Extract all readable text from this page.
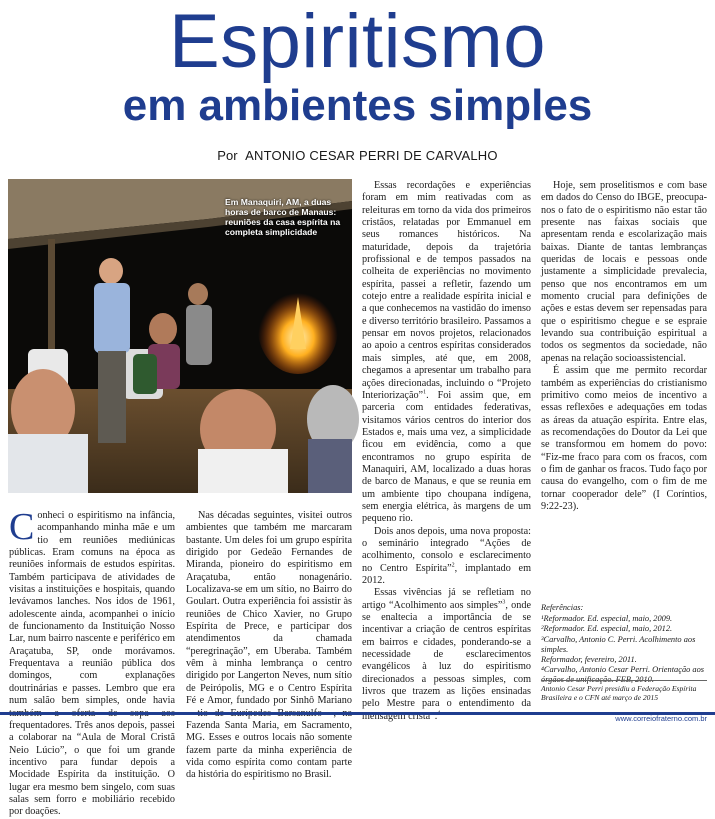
Espiritismo
em ambientes simples
Por ANTONIO CESAR PERRI DE CARVALHO
Em Manaquiri, AM, a duas horas de barco de Manaus: reuniões da casa espírita na completa simplicidade

Conheci o espiritismo na infância, acompanhando minha mãe e um tio em reuniões mediúnicas públicas. Eram comuns na época as reuniões informais de estudos espíritas. Também participava de atividades de visitas a instituições e hospitais, quando levávamos lanches. Nos idos de 1961, adolescente ainda, acompanhei o início de funcionamento da Instituição Nosso Lar, num bairro nascente e periférico em Araçatuba, SP, onde morávamos. Frequentava a reunião pública dos domingos, com explanações doutrinárias e passes. Lembro que era num salão bem simples, onde havia também a oferta de sopa aos frequentadores. Três anos depois, passei a colaborar na “Aula de Moral Cristã Neio Lúcio”, o que foi um grande incentivo para fundar depois a Mocidade Espírita da instituição. O lugar era mesmo bem singelo, com suas salas sem forro e mobiliário recebido por doações.

Nas décadas seguintes, visitei outros ambientes que também me marcaram bastante. Um deles foi um grupo espírita dirigido por Gedeão Fernandes de Miranda, pioneiro do espiritismo em Araçatuba, então nonagenário. Localizava-se em um sítio, no Bairro do Goulart. Outra experiência foi assistir às reuniões de Chico Xavier, no Grupo Espírita de Prece, e participar dos atendimentos da chamada “peregrinação”, em Uberaba. Também vêm à minha lembrança o centro dirigido por Langerton Neves, num sítio de Peirópolis, MG e o Centro Espírita Fé e Amor, fundado por Sinhô Mariano – tio de Eurípedes Barsanulfo –, na Fazenda Santa Maria, em Sacramento, MG. Esses e outros locais não somente fazem parte da minha experiência de vida como espírita como contam parte da história do espiritismo no Brasil.

Essas recordações e experiências foram em mim reativadas com as releituras em torno da vida dos primeiros cristãos, relatadas por Emmanuel em seus romances históricos. Na maturidade, depois da trajetória profissional e de tempos passados na colheita de experiências no movimento espírita, passei a refletir, fazendo um cotejo entre a realidade espírita inicial e a que conhecemos na vastidão do imenso e diverso território brasileiro. Passamos a pensar em novos projetos, relacionados ao apoio a centros espíritas considerados mais simples, até que, em 2008, chegamos a apresentar um trabalho para ações direcionadas, incluindo o “Projeto Interiorização”$^1$. Foi assim que, em parceria com entidades federativas, visitamos vários centros do interior dos Estados e, mais uma vez, a simplicidade ficou em evidência, como a que encontramos no grupo espírita de Manaquiri, AM, localizado a duas horas de barco de Manaus, e que se reunia em um ambiente tipo choupana indígena, sem energia elétrica, às margens de um pequeno rio.

Dois anos depois, uma nova proposta: o seminário integrado “Ações de acolhimento, consolo e esclarecimento no Centro Espírita”$^2$, implantado em 2012.

Essas vivências já se refletiam no artigo “Acolhimento aos simples”$^3$, onde se enaltecia a importância de se incentivar a criação de centros espíritas em bairros e cidades, ponderando-se a necessidade de esclarecimentos evangélicos à luz do espiritismo direcionados a pessoas simples, com livros que trazem as lições ensinadas pelo Mestre para o entendimento da mensagem cristã”.$^4$

Hoje, sem proselitismos e com base em dados do Censo do IBGE, preocupa-nos o fato de o espiritismo não estar tão presente nas faixas sociais que apresentam renda e escolarização mais baixas. Diante de tantas lembranças queridas de locais e pessoas onde justamente a simplicidade prevalecia, penso que nos encontramos em um momento crucial para definições de ações e estas devem ser repensadas para que o espiritismo chegue e se espraie levando sua contribuição espiritual a todos os segmentos da sociedade, não apenas na relação socioassistencial.

É assim que me permito recordar também as experiências do cristianismo primitivo como meios de incentivo a essas reflexões e adequações em todas as áreas da atuação espírita. Entre elas, as recomendações do Doutor da Lei que se transformou em homem do povo: “Fiz-me fraco para com os fracos, com o fim de ganhar os fracos. Tudo faço por causa do evangelho, com o fim de me tornar cooperador dele” (I Coríntios, 9:22-23).

Referências:
¹Reformador. Ed. especial, maio, 2009.
²Reformador. Ed. especial, maio, 2012.
³Carvalho, Antonio C. Perri. Acolhimento aos simples.
Reformador, fevereiro, 2011.
⁴Carvalho, Antonio Cesar Perri. Orientação aos órgãos de unificação. FEB, 2010.
Antonio Cesar Perri presidiu a Federação Espírita Brasileira e o CFN até março de 2015
www.correiofraterno.com.br
